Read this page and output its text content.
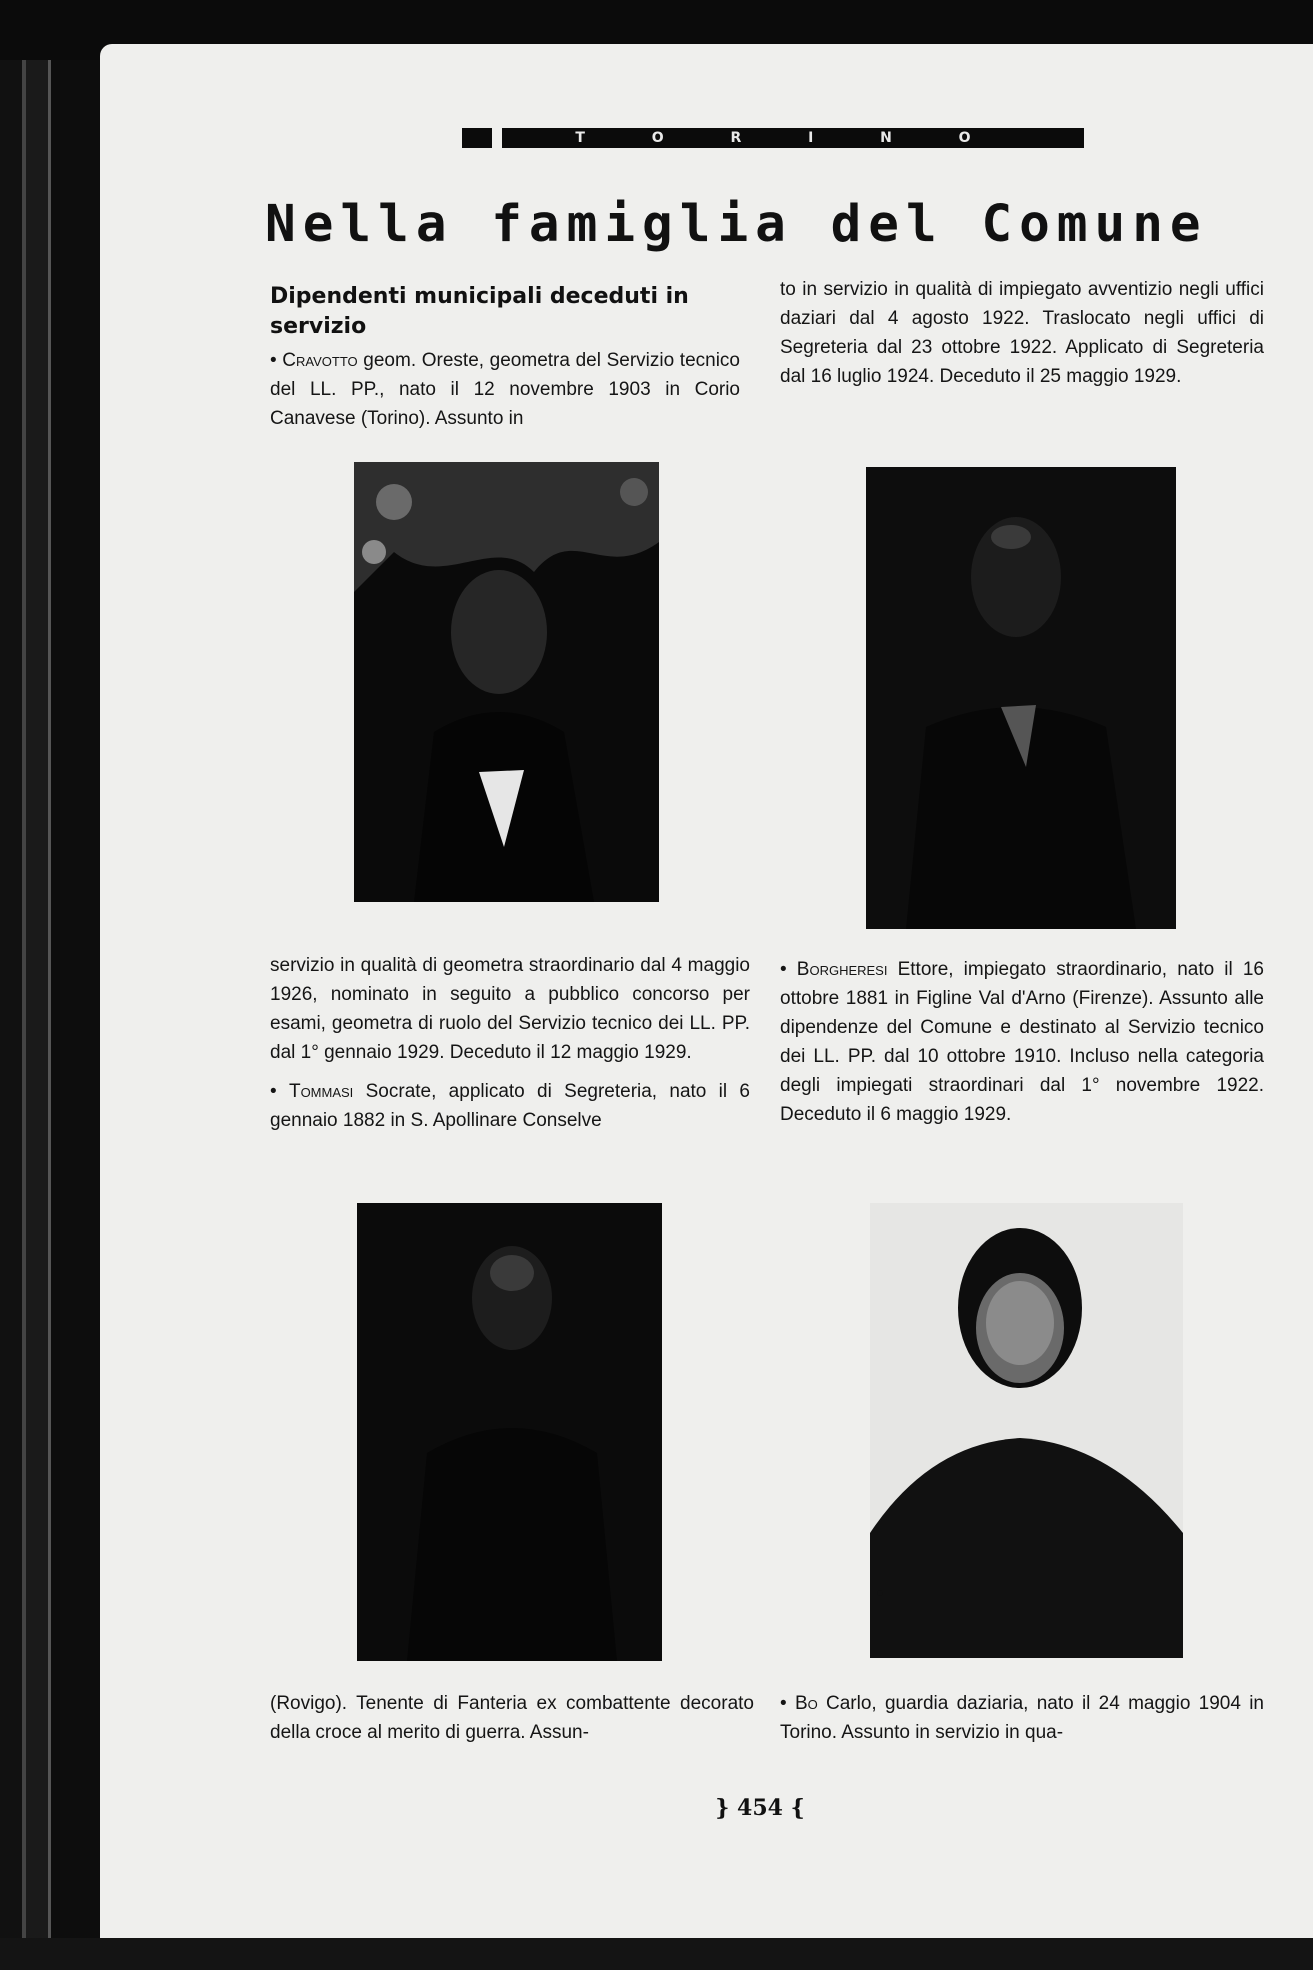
T	O	R	I	N	O
Nella famiglia del Comune
Dipendenti municipali deceduti in servizio
• Cravotto geom. Oreste, geometra del Servizio tecnico del LL. PP., nato il 12 novembre 1903 in Corio Canavese (Torino). Assunto in
to in servizio in qualità di impiegato avventizio negli uffici daziari dal 4 agosto 1922. Traslocato negli uffici di Segreteria dal 23 ottobre 1922. Applicato di Segreteria dal 16 luglio 1924. Deceduto il 25 maggio 1929.

servizio in qualità di geometra straordinario dal 4 maggio 1926, nominato in seguito a pubblico concorso per esami, geometra di ruolo del Servizio tecnico dei LL. PP. dal 1° gennaio 1929. Deceduto il 12 maggio 1929.

• Tommasi Socrate, applicato di Segreteria, nato il 6 gennaio 1882 in S. Apollinare Conselve

• Borgheresi Ettore, impiegato straordinario, nato il 16 ottobre 1881 in Figline Val d'Arno (Firenze). Assunto alle dipendenze del Comune e destinato al Servizio tecnico dei LL. PP. dal 10 ottobre 1910. Incluso nella categoria degli impiegati straordinari dal 1° novembre 1922. Deceduto il 6 maggio 1929.
(Rovigo). Tenente di Fanteria ex combattente decorato della croce al merito di guerra. Assun-
• Bo Carlo, guardia daziaria, nato il 24 maggio 1904 in Torino. Assunto in servizio in qua-
} 454 {
